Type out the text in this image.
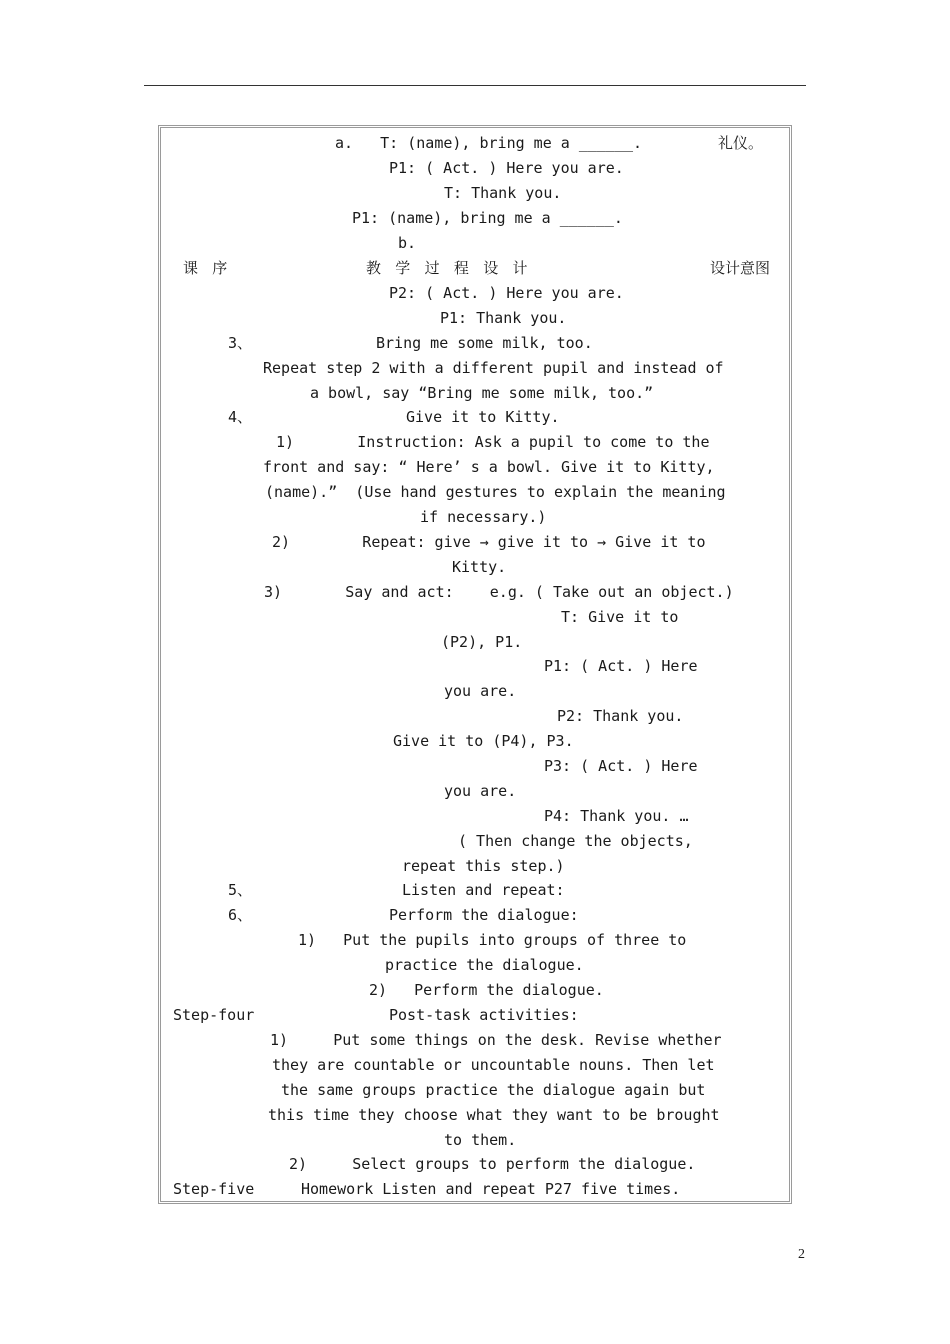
a.   T: (name), bring me a ______.	礼仪。
P1: ( Act. ) Here you are.
T: Thank you.
P1: (name), bring me a ______.
b.
课   序	教   学   过   程   设   计	设计意图
P2: ( Act. ) Here you are.
P1: Thank you.
3、	Bring me some milk, too.
Repeat step 2 with a different pupil and instead of
a bowl, say “Bring me some milk, too.”
4、	Give it to Kitty.
1)       Instruction: Ask a pupil to come to the
front and say: “ Here’ s a bowl. Give it to Kitty,
(name).”  (Use hand gestures to explain the meaning
if necessary.)
2)        Repeat: give → give it to → Give it to
Kitty.
3)       Say and act:    e.g. ( Take out an object.)
T: Give it to
(P2), P1.
P1: ( Act. ) Here
you are.
P2: Thank you.
Give it to (P4), P3.
P3: ( Act. ) Here
you are.
P4: Thank you. …
( Then change the objects,
repeat this step.)
5、	Listen and repeat:
6、	Perform the dialogue:
1)   Put the pupils into groups of three to
practice the dialogue.
2)   Perform the dialogue.
Step-four	Post-task activities:
1)     Put some things on the desk. Revise whether
they are countable or uncountable nouns. Then let
the same groups practice the dialogue again but
this time they choose what they want to be brought
to them.
2)     Select groups to perform the dialogue.
Step-five	Homework Listen and repeat P27 five times.
2
